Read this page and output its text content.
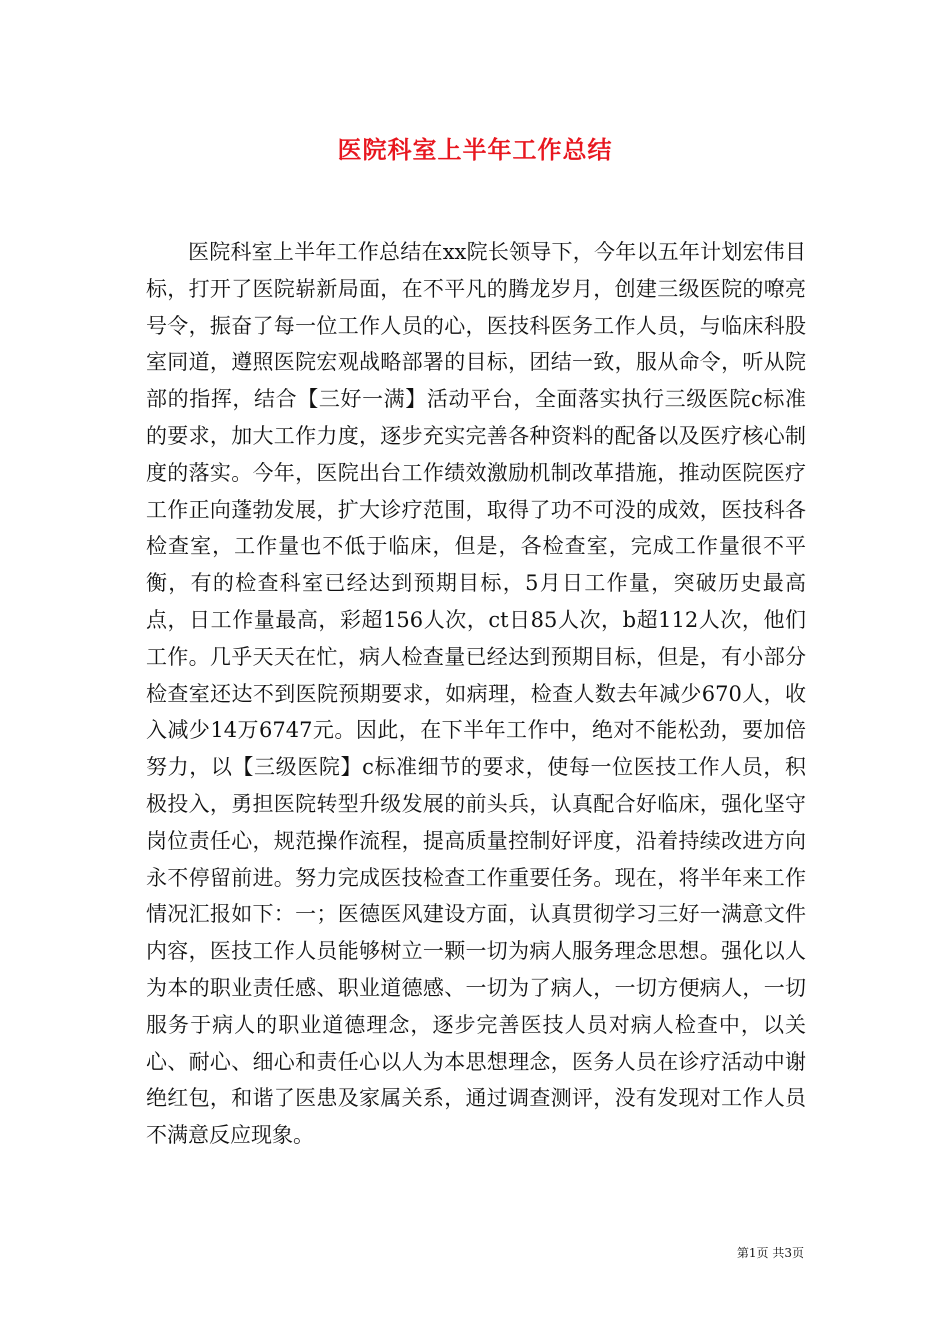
医院科室上半年工作总结

医院科室上半年工作总结在xx院长领导下，今年以五年计划宏伟目标，打开了医院崭新局面，在不平凡的腾龙岁月，创建三级医院的嘹亮号令，振奋了每一位工作人员的心，医技科医务工作人员，与临床科股室同道，遵照医院宏观战略部署的目标，团结一致，服从命令，听从院部的指挥，结合【三好一满】活动平台，全面落实执行三级医院c标准的要求，加大工作力度，逐步充实完善各种资料的配备以及医疗核心制度的落实。今年，医院出台工作绩效激励机制改革措施，推动医院医疗工作正向蓬勃发展，扩大诊疗范围，取得了功不可没的成效，医技科各检查室，工作量也不低于临床，但是，各检查室，完成工作量很不平衡，有的检查科室已经达到预期目标，5月日工作量，突破历史最高点，日工作量最高，彩超156人次，ct日85人次，b超112人次，他们工作。几乎天天在忙，病人检查量已经达到预期目标，但是，有小部分检查室还达不到医院预期要求，如病理，检查人数去年减少670人，收入减少14万6747元。因此，在下半年工作中，绝对不能松劲，要加倍努力，以【三级医院】c标准细节的要求，使每一位医技工作人员，积极投入，勇担医院转型升级发展的前头兵，认真配合好临床，强化坚守岗位责任心，规范操作流程，提高质量控制好评度，沿着持续改进方向永不停留前进。努力完成医技检查工作重要任务。现在，将半年来工作情况汇报如下：一；医德医风建设方面，认真贯彻学习三好一满意文件内容，医技工作人员能够树立一颗一切为病人服务理念思想。强化以人为本的职业责任感、职业道德感、一切为了病人，一切方便病人，一切服务于病人的职业道德理念，逐步完善医技人员对病人检查中，以关心、耐心、细心和责任心以人为本思想理念，医务人员在诊疗活动中谢绝红包，和谐了医患及家属关系，通过调查测评，没有发现对工作人员不满意反应现象。

第1页 共3页
